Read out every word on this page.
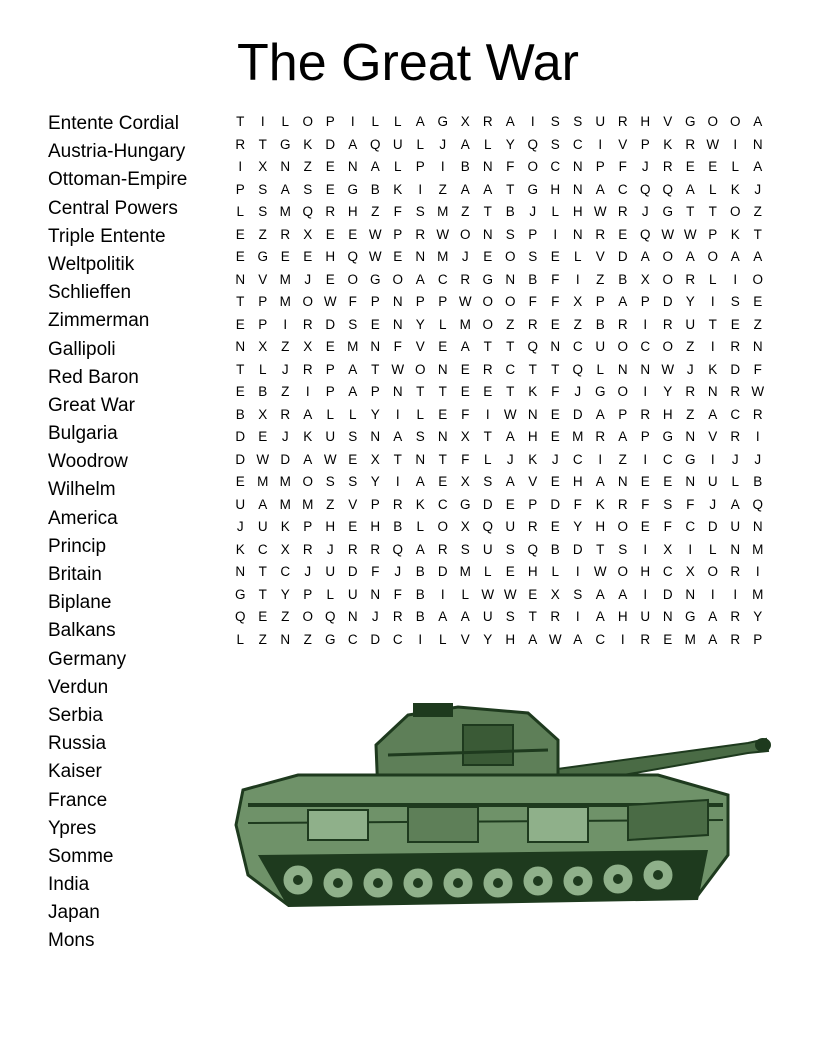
The Great War
Entente Cordial
Austria-Hungary
Ottoman-Empire
Central Powers
Triple Entente
Weltpolitik
Schlieffen
Zimmerman
Gallipoli
Red Baron
Great War
Bulgaria
Woodrow
Wilhelm
America
Princip
Britain
Biplane
Balkans
Germany
Verdun
Serbia
Russia
Kaiser
France
Ypres
Somme
India
Japan
Mons
T	I	L O P	I	L	L	A G X R A	I	S S U R H V G O O A
R	T G K D A Q U	L	J	A	L	Y Q S C	I	V P K R W	I	N
I	X N	Z	E N A	L	P	I	B N	F O C N P	F	J	R E E	L	A
P S A S E G B K	I	Z	A A	T G H N A C Q Q A	L	K	J
L	S M Q R H	Z	F	S M Z	T	B	J	L	H W R	J	G T	T O Z
E	Z	R X E E W P R W O N S P	I	N R E Q W W P K	T
E G E E H Q W E N M	J	E O S E	L	V D A O A O A A
N V M	J	E O G O A C R G N B	F	I	Z	B X O R	L	I	O
T	P M O W F	P N P P W O O F	F	X P A P D Y	I	S E
E P	I	R D S E N Y	L M O Z	R E	Z	B R	I	R U	T	E	Z
N X	Z	X E M N	F	V E A	T	T Q N C U O C O Z	I	R N
T	L	J	R P A	T W O N E R C	T	T Q L	N N W J	K D	F
E B	Z	I	P A P N	T	T	E E	T	K	F	J	G O	I	Y R N R W
B X R A	L	L	Y	I	L	E	F	I	W N E D A P R H	Z	A C R
D E	J	K U S N A S N X	T	A H E M R A P G N V R	I
D W D A W E X	T	N	T	F	L	J	K	J	C	I	Z	I	C G	I	J	J
E M M O S S Y	I	A E X S A V E H A N E E N U	L	B
U A M M Z	V P R K C G D E P D	F	K R	F	S	F	J	A Q
J	U K P H E H B	L O X Q U R E Y H O E	F	C D U N
K C X R	J	R R Q A R S U S Q B D	T	S	I	X	I	L	N M
N	T	C	J	U D	F	J	B D M L	E H	L	I	W O H C X O R	I
G T	Y P	L	U N	F	B	I	L W W E X S A A	I	D N	I	I	M
Q E	Z O Q N	J	R B A A U S	T	R	I	A H U N G A R Y
L	Z	N	Z G C D C	I	L	V Y H A W A C	I	R E M A R P
